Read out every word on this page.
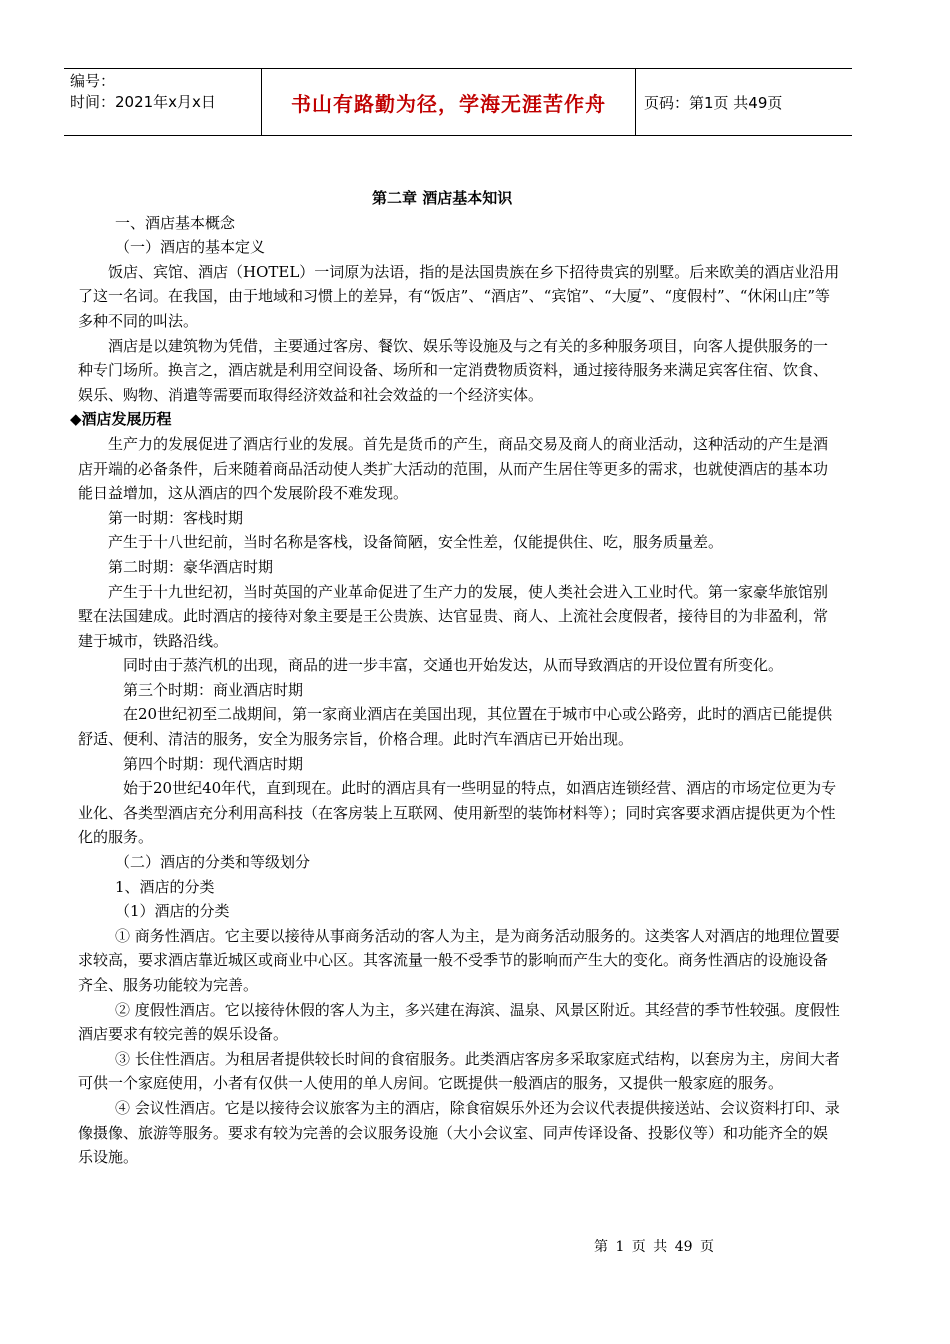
编号：
时间：2021年x月x日	书山有路勤为径，学海无涯苦作舟	页码：第1页 共49页

第二章 酒店基本知识

一、酒店基本概念

（一）酒店的基本定义

饭店、宾馆、酒店（HOTEL）一词原为法语，指的是法国贵族在乡下招待贵宾的别墅。后来欧美的酒店业沿用了这一名词。在我国，由于地域和习惯上的差异，有“饭店”、“酒店”、“宾馆”、“大厦”、“度假村”、“休闲山庄”等多种不同的叫法。

酒店是以建筑物为凭借，主要通过客房、餐饮、娱乐等设施及与之有关的多种服务项目，向客人提供服务的一种专门场所。换言之，酒店就是利用空间设备、场所和一定消费物质资料，通过接待服务来满足宾客住宿、饮食、娱乐、购物、消遣等需要而取得经济效益和社会效益的一个经济实体。

◆酒店发展历程

生产力的发展促进了酒店行业的发展。首先是货币的产生，商品交易及商人的商业活动，这种活动的产生是酒店开端的必备条件，后来随着商品活动使人类扩大活动的范围，从而产生居住等更多的需求，也就使酒店的基本功能日益增加，这从酒店的四个发展阶段不难发现。

第一时期：客栈时期

产生于十八世纪前，当时名称是客栈，设备简陋，安全性差，仅能提供住、吃，服务质量差。

第二时期：豪华酒店时期

产生于十九世纪初，当时英国的产业革命促进了生产力的发展，使人类社会进入工业时代。第一家豪华旅馆别墅在法国建成。此时酒店的接待对象主要是王公贵族、达官显贵、商人、上流社会度假者，接待目的为非盈利，常建于城市，铁路沿线。

同时由于蒸汽机的出现，商品的进一步丰富，交通也开始发达，从而导致酒店的开设位置有所变化。

第三个时期：商业酒店时期

在20世纪初至二战期间，第一家商业酒店在美国出现，其位置在于城市中心或公路旁，此时的酒店已能提供舒适、便利、清洁的服务，安全为服务宗旨，价格合理。此时汽车酒店已开始出现。

第四个时期：现代酒店时期

始于20世纪40年代，直到现在。此时的酒店具有一些明显的特点，如酒店连锁经营、酒店的市场定位更为专业化、各类型酒店充分利用高科技（在客房装上互联网、使用新型的装饰材料等）；同时宾客要求酒店提供更为个性化的服务。

（二）酒店的分类和等级划分

1、酒店的分类

（1）酒店的分类

① 商务性酒店。它主要以接待从事商务活动的客人为主，是为商务活动服务的。这类客人对酒店的地理位置要求较高，要求酒店靠近城区或商业中心区。其客流量一般不受季节的影响而产生大的变化。商务性酒店的设施设备齐全、服务功能较为完善。

② 度假性酒店。它以接待休假的客人为主，多兴建在海滨、温泉、风景区附近。其经营的季节性较强。度假性酒店要求有较完善的娱乐设备。

③ 长住性酒店。为租居者提供较长时间的食宿服务。此类酒店客房多采取家庭式结构，以套房为主，房间大者可供一个家庭使用，小者有仅供一人使用的单人房间。它既提供一般酒店的服务，又提供一般家庭的服务。

④ 会议性酒店。它是以接待会议旅客为主的酒店，除食宿娱乐外还为会议代表提供接送站、会议资料打印、录像摄像、旅游等服务。要求有较为完善的会议服务设施（大小会议室、同声传译设备、投影仪等）和功能齐全的娱乐设施。

第 1 页 共 49 页
